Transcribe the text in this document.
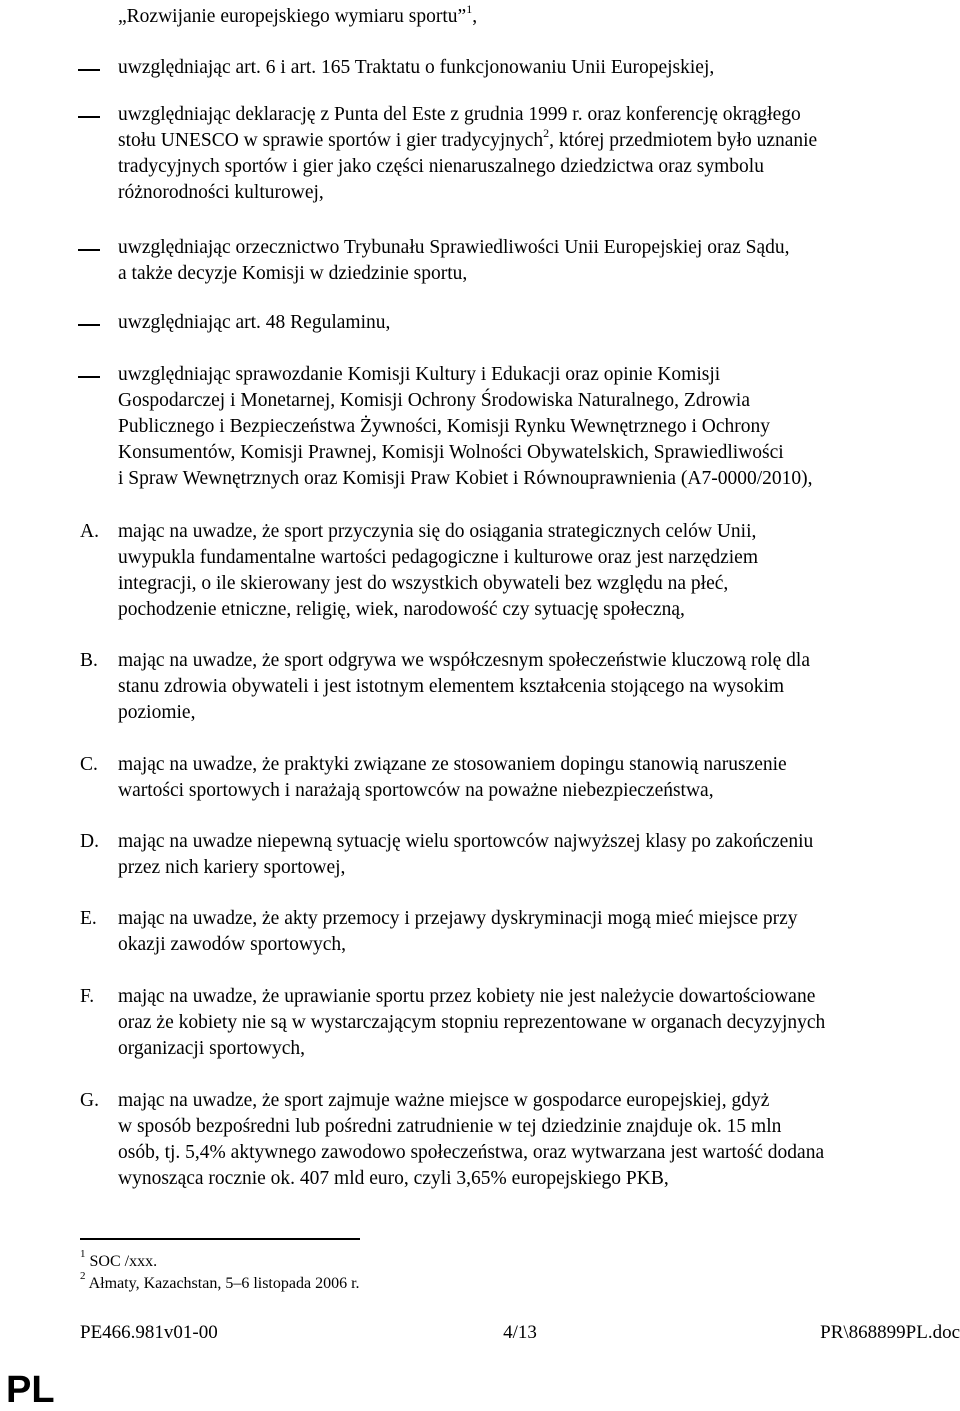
„Rozwijanie europejskiego wymiaru sportu”$^1$,
uwzględniając art. 6 i art. 165 Traktatu o funkcjonowaniu Unii Europejskiej,
uwzględniając deklarację z Punta del Este z grudnia 1999 r. oraz konferencję okrągłego
stołu UNESCO w sprawie sportów i gier tradycyjnych$^2$, której przedmiotem było uznanie
tradycyjnych sportów i gier jako części nienaruszalnego dziedzictwa oraz symbolu
różnorodności kulturowej,
uwzględniając orzecznictwo Trybunału Sprawiedliwości Unii Europejskiej oraz Sądu,
a także decyzje Komisji w dziedzinie sportu,
uwzględniając art. 48 Regulaminu,
uwzględniając sprawozdanie Komisji Kultury i Edukacji oraz opinie Komisji
Gospodarczej i Monetarnej, Komisji Ochrony Środowiska Naturalnego, Zdrowia
Publicznego i Bezpieczeństwa Żywności, Komisji Rynku Wewnętrznego i Ochrony
Konsumentów, Komisji Prawnej, Komisji Wolności Obywatelskich, Sprawiedliwości
i Spraw Wewnętrznych oraz Komisji Praw Kobiet i Równouprawnienia (A7-0000/2010),
A. mając na uwadze, że sport przyczynia się do osiągania strategicznych celów Unii,
uwypukla fundamentalne wartości pedagogiczne i kulturowe oraz jest narzędziem
integracji, o ile skierowany jest do wszystkich obywateli bez względu na płeć,
pochodzenie etniczne, religię, wiek, narodowość czy sytuację społeczną,
B. mając na uwadze, że sport odgrywa we współczesnym społeczeństwie kluczową rolę dla
stanu zdrowia obywateli i jest istotnym elementem kształcenia stojącego na wysokim
poziomie,
C. mając na uwadze, że praktyki związane ze stosowaniem dopingu stanowią naruszenie
wartości sportowych i narażają sportowców na poważne niebezpieczeństwa,
D. mając na uwadze niepewną sytuację wielu sportowców najwyższej klasy po zakończeniu
przez nich kariery sportowej,
E. mając na uwadze, że akty przemocy i przejawy dyskryminacji mogą mieć miejsce przy
okazji zawodów sportowych,
F. mając na uwadze, że uprawianie sportu przez kobiety nie jest należycie dowartościowane
oraz że kobiety nie są w wystarczającym stopniu reprezentowane w organach decyzyjnych
organizacji sportowych,
G. mając na uwadze, że sport zajmuje ważne miejsce w gospodarce europejskiej, gdyż
w sposób bezpośredni lub pośredni zatrudnienie w tej dziedzinie znajduje ok. 15 mln
osób, tj. 5,4% aktywnego zawodowo społeczeństwa, oraz wytwarzana jest wartość dodana
wynosząca rocznie ok. 407 mld euro, czyli 3,65% europejskiego PKB,
$^1$ SOC /xxx.
$^2$ Ałmaty, Kazachstan, 5–6 listopada 2006 r.
PE466.981v01-00	4/13	PR\868899PL.doc
PL
